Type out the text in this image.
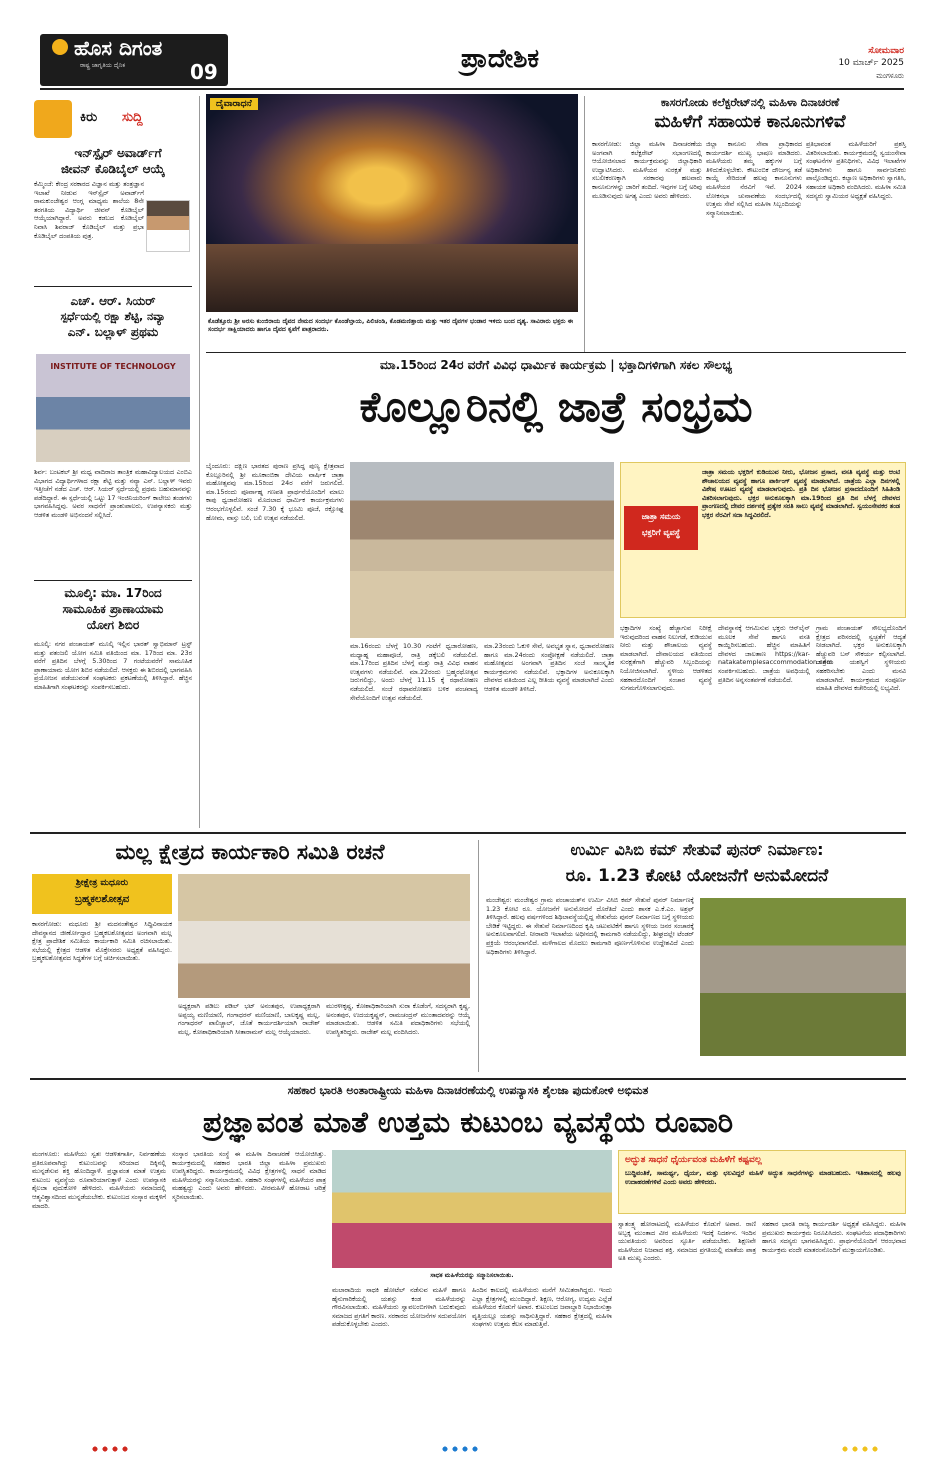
ಹೊಸ ದಿಗಂತ
ರಾಷ್ಟ್ರ ಜಾಗೃತಿಯ ದೈನಿಕ	09	ಪ್ರಾದೇಶಿಕ	ಸೋಮವಾರ
10 ಮಾರ್ಚ್ 2025
ಮಂಗಳೂರು
ಕಿರು ಸುದ್ದಿ
ಇನ್‌ಸ್ಪೈರ್ ಅವಾರ್ಡ್‌ಗೆ
ಜೀವನ್ ಕೊಡಿಬೈಲ್ ಆಯ್ಕೆ
ಕೆಮ್ಮಿಂಜೆ: ಕೇಂದ್ರ ಸರಕಾರದ ವಿಜ್ಞಾನ ಮತ್ತು ತಂತ್ರಜ್ಞಾನ ಇಲಾಖೆ ನೀಡುವ ಇನ್‌ಸ್ಪೈರ್ ಅವಾರ್ಡ್‌ಗೆ ರಾಮಕುಂಜೇಶ್ವರ ಆಂಗ್ಲ ಮಾಧ್ಯಮ ಶಾಲೆಯ 8ನೇ ತರಗತಿಯ ವಿದ್ಯಾರ್ಥಿ ಜೀವನ್ ಕೊಡಿಬೈಲ್ ಆಯ್ಕೆಯಾಗಿದ್ದಾರೆ. ಅವರು ಕಡಬದ ಕೊಡಿಬೈಲ್ ನಿವಾಸಿ ಶಿವರಾಜ್ ಕೊಡಿಬೈಲ್ ಮತ್ತು ಪ್ರಭಾ ಕೊಡಿಬೈಲ್ ದಂಪತಿಯ ಪುತ್ರ.
ಎಚ್. ಆರ್. ಸಿಯರ್
ಸ್ಪರ್ಧೆಯಲ್ಲಿ ರಕ್ಷಾ ಶೆಟ್ಟಿ, ನವ್ಯಾ
ಎನ್. ಬಲ್ಲಾಳ್ ಪ್ರಥಮ
INSTITUTE OF TECHNOLOGY
ಶಿರ್ವ: ಬಂಟಕಲ್ ಶ್ರೀ ಮಧ್ವ ವಾದಿರಾಜ ತಾಂತ್ರಿಕ ಮಹಾವಿದ್ಯಾಲಯದ ಎಂಬಿಎ ವಿಭಾಗದ ವಿದ್ಯಾರ್ಥಿಗಳಾದ ರಕ್ಷಾ ಶೆಟ್ಟಿ ಮತ್ತು ನವ್ಯಾ ಎನ್. ಬಲ್ಲಾಳ್ ಇವರು ಇತ್ತೀಚೆಗೆ ನಡೆದ ಎಚ್. ಆರ್. ಸಿಯರ್ ಸ್ಪರ್ಧೆಯಲ್ಲಿ ಪ್ರಥಮ ಬಹುಮಾನವನ್ನು ಪಡೆದಿದ್ದಾರೆ. ಈ ಸ್ಪರ್ಧೆಯಲ್ಲಿ ಒಟ್ಟು 17 ಇಂಜಿನಿಯರಿಂಗ್ ಕಾಲೇಜು ತಂಡಗಳು ಭಾಗವಹಿಸಿದ್ದವು. ಅವರ ಸಾಧನೆಗೆ ಪ್ರಾಂಶುಪಾಲರು, ಉಪನ್ಯಾಸಕರು ಮತ್ತು ಆಡಳಿತ ಮಂಡಳಿ ಅಭಿನಂದನೆ ಸಲ್ಲಿಸಿದೆ.
ಮೂಲ್ಕಿ: ಮಾ. 17ರಿಂದ
ಸಾಮೂಹಿಕ ಪ್ರಾಣಾಯಾಮ
ಯೋಗ ಶಿಬಿರ
ಮೂಲ್ಕಿ: ನಗರ ಪಂಚಾಯತ್ ಮೂಲ್ಕಿ ಇಲ್ಲಿನ ಭಾರತ್ ಸ್ವಾಭಿಮಾನ್ ಟ್ರಸ್ಟ್ ಮತ್ತು ಪತಂಜಲಿ ಯೋಗ ಸಮಿತಿ ವತಿಯಿಂದ ಮಾ. 17ರಿಂದ ಮಾ. 23ರ ವರೆಗೆ ಪ್ರತಿದಿನ ಬೆಳಗ್ಗೆ 5.30ರಿಂದ 7 ಗಂಟೆಯವರೆಗೆ ಸಾಮೂಹಿಕ ಪ್ರಾಣಾಯಾಮ ಯೋಗ ಶಿಬಿರ ನಡೆಯಲಿದೆ. ಆಸಕ್ತರು ಈ ಶಿಬಿರದಲ್ಲಿ ಭಾಗವಹಿಸಿ ಪ್ರಯೋಜನ ಪಡೆಯುವಂತೆ ಸಂಘಟಕರು ಪ್ರಕಟಣೆಯಲ್ಲಿ ತಿಳಿಸಿದ್ದಾರೆ. ಹೆಚ್ಚಿನ ಮಾಹಿತಿಗಾಗಿ ಸಂಘಟಕರನ್ನು ಸಂಪರ್ಕಿಸಬಹುದು.
ದೈವಾರಾಧನೆ
ಕೊಡೆತ್ತೂರು ಶ್ರೀ ಅರಸು ಕುಂಜಿರಾಯ ದೈವದ ನೇಮದ ಸಂದರ್ಭ ಕೊಂಡೆಲ್ತಾಯ, ಪಿಲಿಚಂಡಿ, ಕೊಡಮಣಿತ್ತಾಯ ಮತ್ತು ಇತರ ದೈವಗಳ ಭಂಡಾರ ಇಳಿದು ಬಂದ ದೃಶ್ಯ. ಸಾವಿರಾರು ಭಕ್ತರು ಈ ಸಂದರ್ಭ ಸಾಕ್ಷಿಯಾದರು ಹಾಗೂ ದೈವದ ಕೃಪೆಗೆ ಪಾತ್ರರಾದರು.
ಕಾಸರಗೋಡು ಕಲೆಕ್ಟರೇಟ್‌ನಲ್ಲಿ ಮಹಿಳಾ ದಿನಾಚರಣೆ
ಮಹಿಳೆಗೆ ಸಹಾಯಕ ಕಾನೂನುಗಳಿವೆ
ಕಾಸರಗೋಡು: ಜಿಲ್ಲಾ ಮಹಿಳಾ ದಿನಾಚರಣೆಯ ಅಂಗವಾಗಿ ಕಲೆಕ್ಟರೇಟ್ ಸಭಾಂಗಣದಲ್ಲಿ ಆಯೋಜಿಸಲಾದ ಕಾರ್ಯಕ್ರಮವನ್ನು ಜಿಲ್ಲಾಧಿಕಾರಿ ಉದ್ಘಾಟಿಸಿದರು. ಮಹಿಳೆಯರ ಸುರಕ್ಷತೆ ಮತ್ತು ಸಬಲೀಕರಣಕ್ಕಾಗಿ ಸರಕಾರವು ಹಲವಾರು ಕಾನೂನುಗಳನ್ನು ಜಾರಿಗೆ ತಂದಿದೆ. ಇವುಗಳ ಬಗ್ಗೆ ಅರಿವು ಮೂಡಿಸುವುದು ಅಗತ್ಯ ಎಂದು ಅವರು ಹೇಳಿದರು.
ಜಿಲ್ಲಾ ಕಾನೂನು ಸೇವಾ ಪ್ರಾಧಿಕಾರದ ಕಾರ್ಯದರ್ಶಿ ಮುಖ್ಯ ಭಾಷಣ ಮಾಡಿದರು. ಮಹಿಳೆಯರು ತಮ್ಮ ಹಕ್ಕುಗಳ ಬಗ್ಗೆ ತಿಳಿದುಕೊಳ್ಳಬೇಕು. ಕೌಟುಂಬಿಕ ದೌರ್ಜನ್ಯ ತಡೆ ಕಾಯ್ದೆ ಸೇರಿದಂತೆ ಹಲವು ಕಾನೂನುಗಳು ಮಹಿಳೆಯರ ನೆರವಿಗೆ ಇವೆ. 2024 ಲೋಕಸಭಾ ಚುನಾವಣೆಯ ಸಂದರ್ಭದಲ್ಲಿ ಉತ್ತಮ ಸೇವೆ ಸಲ್ಲಿಸಿದ ಮಹಿಳಾ ಸಿಬ್ಬಂದಿಯನ್ನು ಸನ್ಮಾನಿಸಲಾಯಿತು.
ಪ್ರತಿಭಾವಂತ ಮಹಿಳೆಯರಿಗೆ ಪ್ರಶಸ್ತಿ ವಿತರಿಸಲಾಯಿತು. ಕಾರ್ಯಕ್ರಮದಲ್ಲಿ ಸ್ವಯಂಸೇವಾ ಸಂಘಟನೆಗಳ ಪ್ರತಿನಿಧಿಗಳು, ವಿವಿಧ ಇಲಾಖೆಗಳ ಅಧಿಕಾರಿಗಳು ಹಾಗೂ ಸಾರ್ವಜನಿಕರು ಪಾಲ್ಗೊಂಡಿದ್ದರು. ಕಲ್ಯಾಣ ಅಧಿಕಾರಿಗಳು ಸ್ವಾಗತಿಸಿ, ಸಹಾಯಕ ಅಧಿಕಾರಿ ವಂದಿಸಿದರು. ಮಹಿಳಾ ಸಮಿತಿ ಸದಸ್ಯರು ಸ್ವಾಮಿಯರ ಅಧ್ಯಕ್ಷತೆ ವಹಿಸಿದ್ದರು.
ಮಾ.15ರಿಂದ 24ರ ವರೆಗೆ ವಿವಿಧ ಧಾರ್ಮಿಕ ಕಾರ್ಯಕ್ರಮ | ಭಕ್ತಾದಿಗಳಿಗಾಗಿ ಸಕಲ ಸೌಲಭ್ಯ
ಕೊಲ್ಲೂರಿನಲ್ಲಿ ಜಾತ್ರೆ ಸಂಭ್ರಮ
ಬೈಂದೂರು: ದಕ್ಷಿಣ ಭಾರತದ ಪುರಾಣ ಪ್ರಸಿದ್ಧ ಪುಣ್ಯ ಕ್ಷೇತ್ರವಾದ ಕೊಲ್ಲೂರಿನಲ್ಲಿ ಶ್ರೀ ಮೂಕಾಂಬಿಕಾ ದೇವಿಯ ವಾರ್ಷಿಕ ಜಾತ್ರಾ ಮಹೋತ್ಸವವು ಮಾ.15ರಿಂದ 24ರ ವರೆಗೆ ಜರುಗಲಿದೆ. ಮಾ.15ರಂದು ಪೂರ್ವಾಹ್ನ ಗಣಪತಿ ಪ್ರಾರ್ಥನೆಯೊಂದಿಗೆ ಮಾಲು ಕಾಪು ಧ್ವಜಾರೋಹಣ ಮೊದಲಾದ ಧಾರ್ಮಿಕ ಕಾರ್ಯಕ್ರಮಗಳು ಆರಂಭಗೊಳ್ಳಲಿವೆ. ಸಂಜೆ 7.30 ಕ್ಕೆ ಭೂಮಿ ಪೂಜೆ, ರಕ್ಷೋಘ್ನ ಹೋಮ, ವಾಸ್ತು ಬಲಿ, ಬಲಿ ಉತ್ಸವ ನಡೆಯಲಿದೆ.
ಮಾ.16ರಂದು ಬೆಳಗ್ಗೆ 10.30 ಗಂಟೆಗೆ ಧ್ವಜಾರೋಹಣ, ಮಧ್ಯಾಹ್ನ ಮಹಾಪೂಜೆ, ರಾತ್ರಿ ಡಕ್ಕೆಬಲಿ ನಡೆಯಲಿದೆ. ಮಾ.17ರಿಂದ ಪ್ರತಿದಿನ ಬೆಳಗ್ಗೆ ಮತ್ತು ರಾತ್ರಿ ವಿವಿಧ ವಾಹನ ಉತ್ಸವಗಳು ನಡೆಯಲಿವೆ. ಮಾ.22ರಂದು ಬ್ರಹ್ಮರಥೋತ್ಸವ ಜರುಗಲಿದ್ದು, ಅಂದು ಬೆಳಗ್ಗೆ 11.15 ಕ್ಕೆ ರಥಾರೋಹಣ ನಡೆಯಲಿದೆ. ಸಂಜೆ ರಥಾವರೋಹಣ ಬಳಿಕ ಪಂಚವಾದ್ಯ ಸೇವೆಯೊಂದಿಗೆ ಉತ್ಸವ ನಡೆಯಲಿದೆ.
ಮಾ.23ರಂದು ಓಕುಳಿ ಸೇವೆ, ಅವಭೃತ ಸ್ನಾನ, ಧ್ವಜಾವರೋಹಣ ಹಾಗೂ ಮಾ.24ರಂದು ಸಂಪ್ರೋಕ್ಷಣೆ ನಡೆಯಲಿದೆ. ಜಾತ್ರಾ ಮಹೋತ್ಸವದ ಅಂಗವಾಗಿ ಪ್ರತಿದಿನ ಸಂಜೆ ಸಾಂಸ್ಕೃತಿಕ ಕಾರ್ಯಕ್ರಮಗಳು ನಡೆಯಲಿವೆ. ಭಕ್ತಾದಿಗಳ ಅನುಕೂಲಕ್ಕಾಗಿ ದೇವಳದ ವತಿಯಿಂದ ಎಲ್ಲ ರೀತಿಯ ವ್ಯವಸ್ಥೆ ಮಾಡಲಾಗಿದೆ ಎಂದು ಆಡಳಿತ ಮಂಡಳಿ ತಿಳಿಸಿದೆ.
ಜಾತ್ರಾ ಸಮಯ
ಭಕ್ತರಿಗೆ ವ್ಯವಸ್ಥೆ
ಜಾತ್ರಾ ಸಮಯ ಭಕ್ತರಿಗೆ ಕುಡಿಯುವ ನೀರು, ಭೋಜನ ಪ್ರಸಾದ, ವಸತಿ ವ್ಯವಸ್ಥೆ ಮತ್ತು ಆಂಟಿ ಶೌಚಾಲಯದ ವ್ಯವಸ್ಥೆ ಹಾಗೂ ಪಾರ್ಕಿಂಗ್ ವ್ಯವಸ್ಥೆ ಮಾಡಲಾಗಿದೆ. ಜಾತ್ರೆಯ ಎಲ್ಲಾ ದಿನಗಳಲ್ಲಿ ವಿಶೇಷ ಊಟದ ವ್ಯವಸ್ಥೆ ಮಾಡಲಾಗುವುದು. ಪ್ರತಿ ದಿನ ಭೋಜನ ಪ್ರಸಾದದೊಂದಿಗೆ ಸಿಹಿತಿಂಡಿ ವಿತರಿಸಲಾಗುವುದು. ಭಕ್ತರ ಅನುಕೂಲಕ್ಕಾಗಿ ಮಾ.19ರಿಂದ ಪ್ರತಿ ದಿನ ಬೆಳಗ್ಗೆ ದೇವಳದ ಪ್ರಾಂಗಣದಲ್ಲಿ ದೇವರ ದರ್ಶನಕ್ಕೆ ಪ್ರತ್ಯೇಕ ಸರತಿ ಸಾಲು ವ್ಯವಸ್ಥೆ ಮಾಡಲಾಗಿದೆ. ಸ್ವಯಂಸೇವಕರ ತಂಡ ಭಕ್ತರ ನೆರವಿಗೆ ಸದಾ ಸಿದ್ಧವಿರಲಿದೆ.
ಭಕ್ತಾದಿಗಳ ಸಂಖ್ಯೆ ಹೆಚ್ಚಾಗುವ ನಿರೀಕ್ಷೆ ಇರುವುದರಿಂದ ವಾಹನ ನಿಲುಗಡೆ, ಕುಡಿಯುವ ನೀರು ಮತ್ತು ಶೌಚಾಲಯ ವ್ಯವಸ್ಥೆ ಮಾಡಲಾಗಿದೆ. ದೇವಾಲಯದ ವತಿಯಿಂದ ಸುರಕ್ಷತೆಗಾಗಿ ಹೆಚ್ಚುವರಿ ಸಿಬ್ಬಂದಿಯನ್ನು ನಿಯೋಜಿಸಲಾಗಿದೆ. ಸ್ಥಳೀಯ ಆಡಳಿತದ ಸಹಕಾರದೊಂದಿಗೆ ಸಂಚಾರ ವ್ಯವಸ್ಥೆ ಸುಗಮಗೊಳಿಸಲಾಗುವುದು.
ದೇವಸ್ಥಾನಕ್ಕೆ ಆಗಮಿಸುವ ಭಕ್ತರು ಆನ್‌ಲೈನ್ ಮೂಲಕ ಸೇವೆ ಹಾಗೂ ವಸತಿ ಕಾಯ್ದಿರಿಸಬಹುದು. ಹೆಚ್ಚಿನ ಮಾಹಿತಿಗೆ ದೇವಳದ ಜಾಲತಾಣ https://kar-natakatemplesaccommodation.com ಸಂಪರ್ಕಿಸಬಹುದು. ಜಾತ್ರೆಯ ಅವಧಿಯಲ್ಲಿ ಪ್ರತಿದಿನ ಅನ್ನಸಂತರ್ಪಣೆ ನಡೆಯಲಿದೆ.
ಗ್ರಾಮ ಪಂಚಾಯತ್ ಸೌಲಭ್ಯದೊಂದಿಗೆ ಕ್ಷೇತ್ರದ ಪರಿಸರದಲ್ಲಿ ಸ್ವಚ್ಛತೆಗೆ ಆದ್ಯತೆ ನೀಡಲಾಗಿದೆ. ಭಕ್ತರ ಅನುಕೂಲಕ್ಕಾಗಿ ಹೆಚ್ಚುವರಿ ಬಸ್ ಸೌಕರ್ಯ ಕಲ್ಪಿಸಲಾಗಿದೆ. ಜಾತ್ರೆಯ ಯಶಸ್ವಿಗೆ ಸ್ಥಳೀಯರು ಸಹಕರಿಸಬೇಕು ಎಂದು ಮನವಿ ಮಾಡಲಾಗಿದೆ. ಕಾರ್ಯಕ್ರಮದ ಸಂಪೂರ್ಣ ಮಾಹಿತಿ ದೇವಳದ ಕಚೇರಿಯಲ್ಲಿ ಲಭ್ಯವಿದೆ.
ಮಲ್ಲ ಕ್ಷೇತ್ರದ ಕಾರ್ಯಕಾರಿ ಸಮಿತಿ ರಚನೆ
ಶ್ರೀಕ್ಷೇತ್ರ ಮಧೂರು
ಬ್ರಹ್ಮಕಲಶೋತ್ಸವ
ಕಾಸರಗೋಡು: ಮಧೂರು ಶ್ರೀ ಮದನಂತೇಶ್ವರ ಸಿದ್ಧಿವಿನಾಯಕ ದೇವಸ್ಥಾನದ ಜೀರ್ಣೋದ್ಧಾರ ಬ್ರಹ್ಮಕಲಶೋತ್ಸವದ ಅಂಗವಾಗಿ ಮಲ್ಲ ಕ್ಷೇತ್ರ ಪ್ರಾದೇಶಿಕ ಸಮಿತಿಯ ಕಾರ್ಯಕಾರಿ ಸಮಿತಿ ರಚಿಸಲಾಯಿತು. ಸಭೆಯಲ್ಲಿ ಕ್ಷೇತ್ರದ ಆಡಳಿತ ಮೊಕ್ತೇಸರರು ಅಧ್ಯಕ್ಷತೆ ವಹಿಸಿದ್ದರು. ಬ್ರಹ್ಮಕಲಶೋತ್ಸವದ ಸಿದ್ಧತೆಗಳ ಬಗ್ಗೆ ಚರ್ಚಿಸಲಾಯಿತು.
ಅಧ್ಯಕ್ಷರಾಗಿ ಪಡಿಲು ಪಡಿಲ್ ಭಟ್ ಅನಂತಪುರ, ಉಪಾಧ್ಯಕ್ಷರಾಗಿ ಅಪ್ಪಯ್ಯ ಮಣಿಯಾಣಿ, ಗಂಗಾಧರನ್ ಮಣಿಯಾಣಿ, ಬಾಲಕೃಷ್ಣ ಮಲ್ಲ, ಗಂಗಾಧರನ್ ಪಾಲಿಚ್ಚಾಲ್, ಜೊತೆ ಕಾರ್ಯದರ್ಶಿಯಾಗಿ ರಾಜೇಶ್ ಮಲ್ಲ, ಕೋಶಾಧಿಕಾರಿಯಾಗಿ ಸೀತಾರಾಮನ್ ಮಲ್ಲ ಆಯ್ಕೆಯಾದರು.
ಮುರಳೀಕೃಷ್ಣ, ಕೋಶಾಧಿಕಾರಿಯಾಗಿ ಸುರಾ ಕೊಡೆಂಗೆ, ಸದಸ್ಯರಾಗಿ ಕೃಷ್ಣ, ಅನಂತಪುರ, ಉದಯಕೃಷ್ಣನ್, ರಾಮಚಂದ್ರನ್ ಮುಂತಾದವರನ್ನು ಆಯ್ಕೆ ಮಾಡಲಾಯಿತು. ಆಡಳಿತ ಸಮಿತಿ ಪದಾಧಿಕಾರಿಗಳು ಸಭೆಯಲ್ಲಿ ಉಪಸ್ಥಿತರಿದ್ದರು. ರಾಜೇಶ್ ಮಲ್ಲ ವಂದಿಸಿದರು.
ಉರ್ಮಿ ವಿಸಿಬಿ ಕಮ್ ಸೇತುವೆ ಪುನರ್ ನಿರ್ಮಾಣ:
ರೂ. 1.23 ಕೋಟಿ ಯೋಜನೆಗೆ ಅನುಮೋದನೆ
ಮಂಜೇಶ್ವರ: ಮಂಜೇಶ್ವರ ಗ್ರಾಮ ಪಂಚಾಯತ್‌ನ ಉರ್ಮಿ ವಿಸಿಬಿ ಕಮ್ ಸೇತುವೆ ಪುನರ್ ನಿರ್ಮಾಣಕ್ಕೆ 1.23 ಕೋಟಿ ರೂ. ಯೋಜನೆಗೆ ಅನುಮೋದನೆ ದೊರೆತಿದೆ ಎಂದು ಶಾಸಕ ಎ.ಕೆ.ಎಂ. ಅಶ್ರಫ್ ತಿಳಿಸಿದ್ದಾರೆ. ಹಲವು ವರ್ಷಗಳಿಂದ ಶಿಥಿಲಾವಸ್ಥೆಯಲ್ಲಿದ್ದ ಸೇತುವೆಯ ಪುನರ್ ನಿರ್ಮಾಣದ ಬಗ್ಗೆ ಸ್ಥಳೀಯರು ಬೇಡಿಕೆ ಇಟ್ಟಿದ್ದರು. ಈ ಸೇತುವೆ ನಿರ್ಮಾಣದಿಂದ ಕೃಷಿ ಚಟುವಟಿಕೆಗೆ ಹಾಗೂ ಸ್ಥಳೀಯ ಜನರ ಸಂಚಾರಕ್ಕೆ ಅನುಕೂಲವಾಗಲಿದೆ. ನೀರಾವರಿ ಇಲಾಖೆಯ ಅಧೀನದಲ್ಲಿ ಕಾಮಗಾರಿ ನಡೆಯಲಿದ್ದು, ಶೀಘ್ರದಲ್ಲೇ ಟೆಂಡರ್ ಪ್ರಕ್ರಿಯೆ ಆರಂಭವಾಗಲಿದೆ. ಮಳೆಗಾಲದ ಮೊದಲು ಕಾಮಗಾರಿ ಪೂರ್ಣಗೊಳಿಸುವ ಉದ್ದೇಶವಿದೆ ಎಂದು ಅಧಿಕಾರಿಗಳು ತಿಳಿಸಿದ್ದಾರೆ.
ಸಹಕಾರ ಭಾರತಿ ಅಂತಾರಾಷ್ಟ್ರೀಯ ಮಹಿಳಾ ದಿನಾಚರಣೆಯಲ್ಲಿ ಉಪನ್ಯಾಸಕಿ ಶೈಲಜಾ ಪುದುಕೋಳಿ ಅಭಿಮತ
ಪ್ರಜ್ಞಾವಂತ ಮಾತೆ ಉತ್ತಮ ಕುಟುಂಬ ವ್ಯವಸ್ಥೆಯ ರೂವಾರಿ
ಮಂಗಳೂರು: ಮಹಿಳೆಯು ಸ್ವತಃ ಆಡಳಿತಗಾರ್ತಿ, ನಿರ್ವಹಣೆಯ ಪ್ರತಿರೂಪವಾಗಿದ್ದು ಕುಟುಂಬವನ್ನು ಸರಿಯಾದ ದಿಕ್ಕಿನಲ್ಲಿ ಮುನ್ನಡೆಸುವ ಶಕ್ತಿ ಹೊಂದಿದ್ದಾಳೆ. ಪ್ರಜ್ಞಾವಂತ ಮಾತೆ ಉತ್ತಮ ಕುಟುಂಬ ವ್ಯವಸ್ಥೆಯ ರೂವಾರಿಯಾಗುತ್ತಾಳೆ ಎಂದು ಉಪನ್ಯಾಸಕಿ ಶೈಲಜಾ ಪುದುಕೋಳಿ ಹೇಳಿದರು. ಮಹಿಳೆಯರು ಸಮಾಜದಲ್ಲಿ ಆತ್ಮವಿಶ್ವಾಸದಿಂದ ಮುನ್ನಡೆಯಬೇಕು. ಕುಟುಂಬದ ಸಂಸ್ಕಾರ ಮಕ್ಕಳಿಗೆ ಮಾದರಿ.
ಸಂಸ್ಕಾರ ಭಾರತಿಯ ಸಂಸ್ಥೆ ಈ ಮಹಿಳಾ ದಿನಾಚರಣೆ ಆಯೋಜಿಸಿತ್ತು. ಕಾರ್ಯಕ್ರಮದಲ್ಲಿ ಸಹಕಾರ ಭಾರತಿ ಜಿಲ್ಲಾ ಮಹಿಳಾ ಪ್ರಮುಖರು ಉಪಸ್ಥಿತರಿದ್ದರು. ಕಾರ್ಯಕ್ರಮದಲ್ಲಿ ವಿವಿಧ ಕ್ಷೇತ್ರಗಳಲ್ಲಿ ಸಾಧನೆ ಮಾಡಿದ ಮಹಿಳೆಯರನ್ನು ಸನ್ಮಾನಿಸಲಾಯಿತು. ಸಹಕಾರಿ ಸಂಘಗಳಲ್ಲಿ ಮಹಿಳೆಯರ ಪಾತ್ರ ಮಹತ್ವದ್ದು ಎಂದು ಅವರು ಹೇಳಿದರು. ವೀರಮಹಿಳೆ ಹೋರಾಟ ಚರಿತ್ರೆ ಸ್ಮರಿಸಲಾಯಿತು.
ಸಾಧಕ ಮಹಿಳೆಯರನ್ನು ಸನ್ಮಾನಿಸಲಾಯಿತು.
ಮಲಾರಾದಿಯ ಸಾಧಕಿ ಹೋಟೆಲ್ ನಡೆಸುವ ಮಹಿಳೆ ಹಾಗೂ ಹೈನುಗಾರಿಕೆಯಲ್ಲಿ ಯಶಸ್ಸು ಕಂಡ ಮಹಿಳೆಯರನ್ನು ಗೌರವಿಸಲಾಯಿತು. ಮಹಿಳೆಯರು ಸ್ವಾವಲಂಬಿಗಳಾಗಿ ಬದುಕುವುದು ಸಮಾಜದ ಪ್ರಗತಿಗೆ ಕಾರಣ. ಸರಕಾರದ ಯೋಜನೆಗಳ ಸದುಪಯೋಗ ಪಡೆದುಕೊಳ್ಳಬೇಕು ಎಂದರು.
ಹಿಂದಿನ ಕಾಲದಲ್ಲಿ ಮಹಿಳೆಯರು ಮನೆಗೆ ಸೀಮಿತರಾಗಿದ್ದರು. ಇಂದು ಎಲ್ಲಾ ಕ್ಷೇತ್ರಗಳಲ್ಲಿ ಮುಂದಿದ್ದಾರೆ. ಶಿಕ್ಷಣ, ಆರೋಗ್ಯ, ಉದ್ಯಮ ಎಲ್ಲೆಡೆ ಮಹಿಳೆಯರ ಕೊಡುಗೆ ಅಪಾರ. ಕುಟುಂಬದ ಜವಾಬ್ದಾರಿ ನಿಭಾಯಿಸುತ್ತಾ ವೃತ್ತಿಯಲ್ಲೂ ಯಶಸ್ಸು ಸಾಧಿಸುತ್ತಿದ್ದಾರೆ. ಸಹಕಾರ ಕ್ಷೇತ್ರದಲ್ಲಿ ಮಹಿಳಾ ಸಂಘಗಳು ಉತ್ತಮ ಕೆಲಸ ಮಾಡುತ್ತಿವೆ.
ಅದ್ಭುತ ಸಾಧನೆ ಧೈರ್ಯವಂತ ಮಹಿಳೆಗೆ ಕಷ್ಟವಲ್ಲ
ಬುದ್ಧಿವಂತಿಕೆ, ಸಾಮರ್ಥ್ಯ, ಧೈರ್ಯ, ಮತ್ತು ಛಲವಿದ್ದರೆ ಮಹಿಳೆ ಅದ್ಭುತ ಸಾಧನೆಗಳನ್ನು ಮಾಡಬಹುದು. ಇತಿಹಾಸದಲ್ಲಿ ಹಲವು ಉದಾಹರಣೆಗಳಿವೆ ಎಂದು ಅವರು ಹೇಳಿದರು.
ಸ್ವಾತಂತ್ರ್ಯ ಹೋರಾಟದಲ್ಲಿ ಮಹಿಳೆಯರ ಕೊಡುಗೆ ಅಪಾರ. ರಾಣಿ ಅಬ್ಬಕ್ಕ ಮುಂತಾದ ವೀರ ಮಹಿಳೆಯರು ಇದಕ್ಕೆ ನಿದರ್ಶನ. ಇಂದಿನ ಯುವತಿಯರು ಅವರಿಂದ ಸ್ಫೂರ್ತಿ ಪಡೆಯಬೇಕು. ಶಿಕ್ಷಣವೇ ಮಹಿಳೆಯರ ನಿಜವಾದ ಶಕ್ತಿ. ಸಮಾಜದ ಪ್ರಗತಿಯಲ್ಲಿ ಮಾತೆಯ ಪಾತ್ರ ಅತಿ ಮುಖ್ಯ ಎಂದರು.
ಸಹಕಾರ ಭಾರತಿ ರಾಜ್ಯ ಕಾರ್ಯದರ್ಶಿ ಅಧ್ಯಕ್ಷತೆ ವಹಿಸಿದ್ದರು. ಮಹಿಳಾ ಪ್ರಮುಖರು ಕಾರ್ಯಕ್ರಮ ನಿರೂಪಿಸಿದರು. ಸಂಘಟನೆಯ ಪದಾಧಿಕಾರಿಗಳು ಹಾಗೂ ಸದಸ್ಯರು ಭಾಗವಹಿಸಿದ್ದರು. ಪ್ರಾರ್ಥನೆಯೊಂದಿಗೆ ಆರಂಭವಾದ ಕಾರ್ಯಕ್ರಮ ವಂದೇ ಮಾತರಂನೊಂದಿಗೆ ಮುಕ್ತಾಯಗೊಂಡಿತು.
